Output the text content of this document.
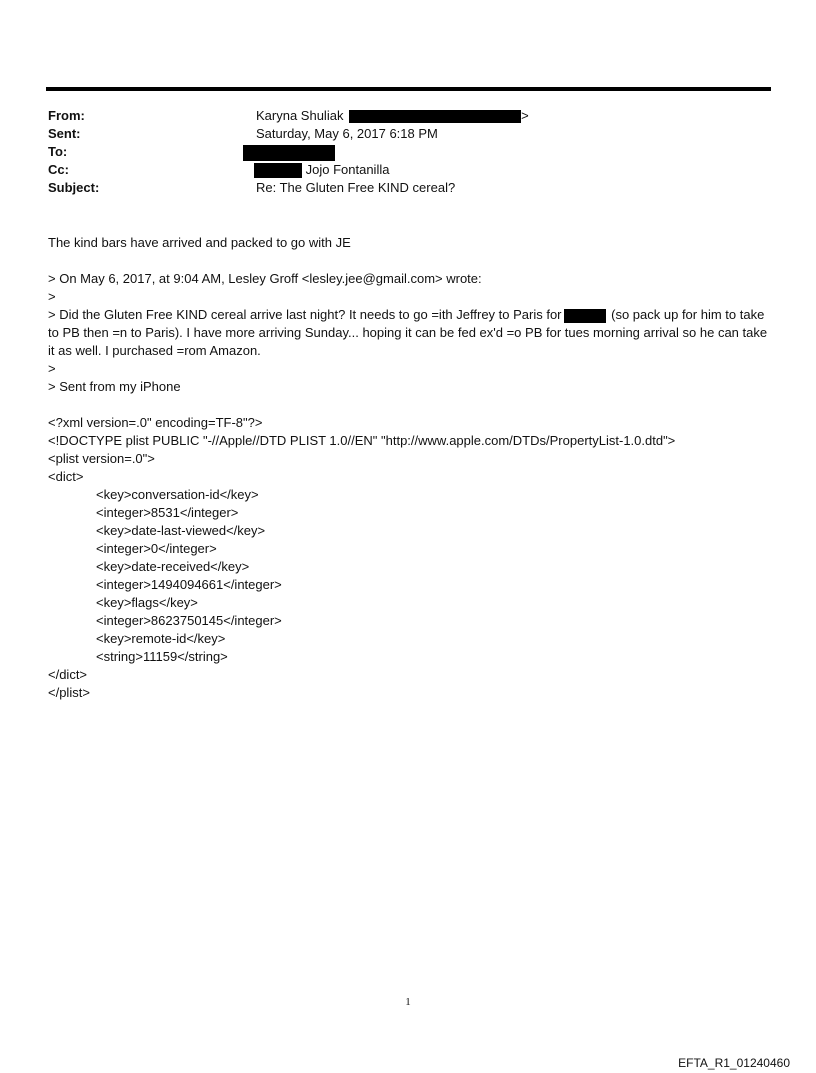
From:	Karyna Shuliak	>
Sent:	Saturday, May 6, 2017 6:18 PM
To:
Cc:	Jojo Fontanilla
Subject:	Re: The Gluten Free KIND cereal?
The kind bars have arrived and packed to go with JE
> On May 6, 2017, at 9:04 AM, Lesley Groff <lesley.jee@gmail.com> wrote:
>
> Did the Gluten Free KIND cereal arrive last night? It needs to go =ith Jeffrey to Paris for	(so pack up for him to take to PB then =n to Paris). I have more arriving Sunday... hoping it can be fed ex'd =o PB for tues morning arrival so he can take it as well. I purchased =rom Amazon.
>
> Sent from my iPhone
<?xml version=.0" encoding=TF-8"?>
<!DOCTYPE plist PUBLIC "-//Apple//DTD PLIST 1.0//EN" "http://www.apple.com/DTDs/PropertyList-1.0.dtd">
<plist version=.0">
<dict>
<key>conversation-id</key>
<integer>8531</integer>
<key>date-last-viewed</key>
<integer>0</integer>
<key>date-received</key>
<integer>1494094661</integer>
<key>flags</key>
<integer>8623750145</integer>
<key>remote-id</key>
<string>11159</string>
</dict>
</plist>
1
EFTA_R1_01240460
